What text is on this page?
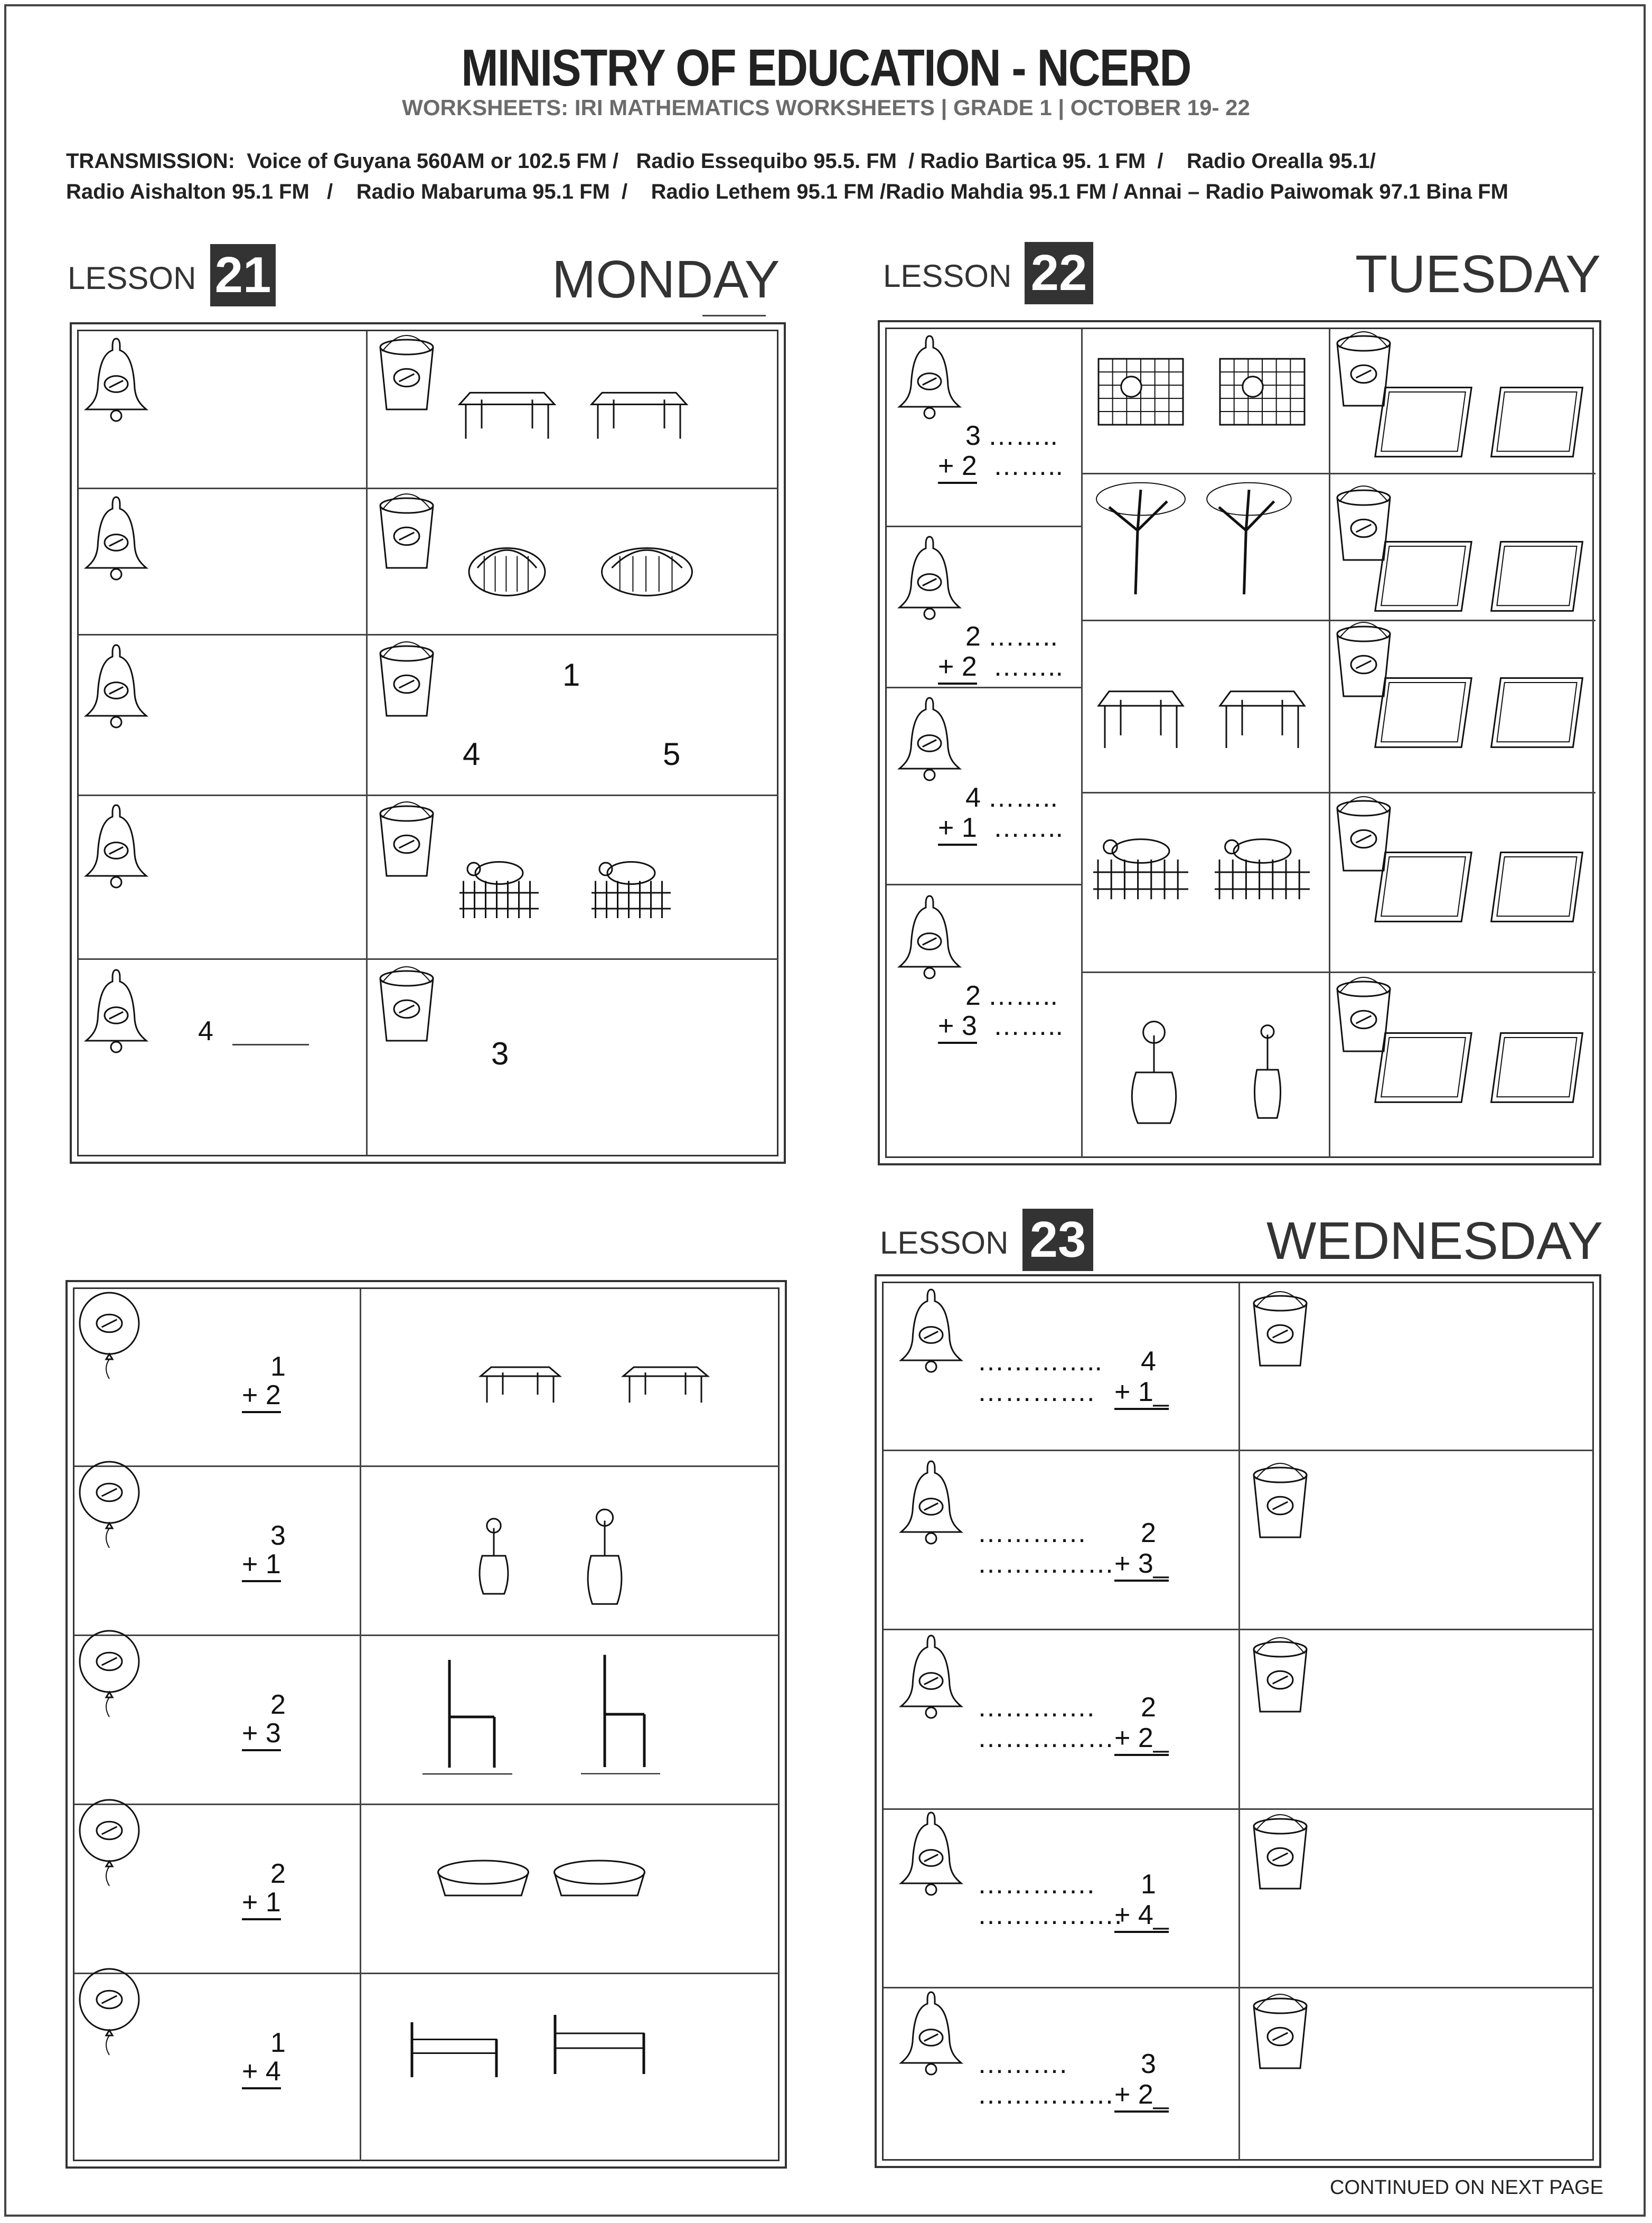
MINISTRY OF EDUCATION - NCERD
WORKSHEETS: IRI MATHEMATICS WORKSHEETS | GRADE 1 | OCTOBER 19- 22
TRANSMISSION:  Voice of Guyana 560AM or 102.5 FM /   Radio Essequibo 95.5. FM  / Radio Bartica 95. 1 FM  /    Radio Orealla 95.1/
Radio Aishalton 95.1 FM   /    Radio Mabaruma 95.1 FM  /    Radio Lethem 95.1 FM /Radio Mahdia 95.1 FM / Annai – Radio Paiwomak 97.1 Bina FM
LESSON 21	MONDAY	LESSON 22	TUESDAY
LESSON 23	WEDNESDAY
CONTINUED ON NEXT PAGE
1
4	5
4
3
3 ……..
+ 2 ……..
2 ……..
+ 2 ……..
4 ……..
+ 1 ……..
2 ……..
+ 3 ……..
1
+ 2
3
+ 1
2
+ 3
2
+ 1
1
+ 4
…………..
………….
4
+ 1_
…………
……………
2
+ 3_
………….
……………
2
+ 2_
………….
…………….
1
+ 4_
……….
……………
3
+ 2_
